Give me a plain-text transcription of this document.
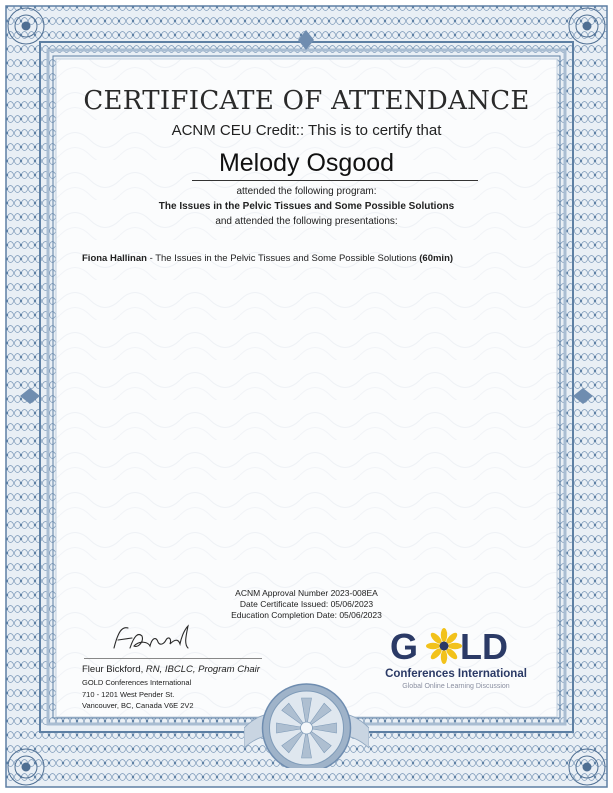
CERTIFICATE OF ATTENDANCE
ACNM CEU Credit:: This is to certify that
Melody Osgood
attended the following program:
The Issues in the Pelvic Tissues and Some Possible Solutions
and attended the following presentations:
Fiona Hallinan - The Issues in the Pelvic Tissues and Some Possible Solutions (60min)
ACNM Approval Number 2023-008EA
Date Certificate Issued: 05/06/2023
Education Completion Date: 05/06/2023
Fleur Bickford, RN, IBCLC, Program Chair
GOLD Conferences International
710 - 1201 West Pender St.
Vancouver, BC, Canada V6E 2V2
G LD
Conferences International
Global Online Learning Discussion
